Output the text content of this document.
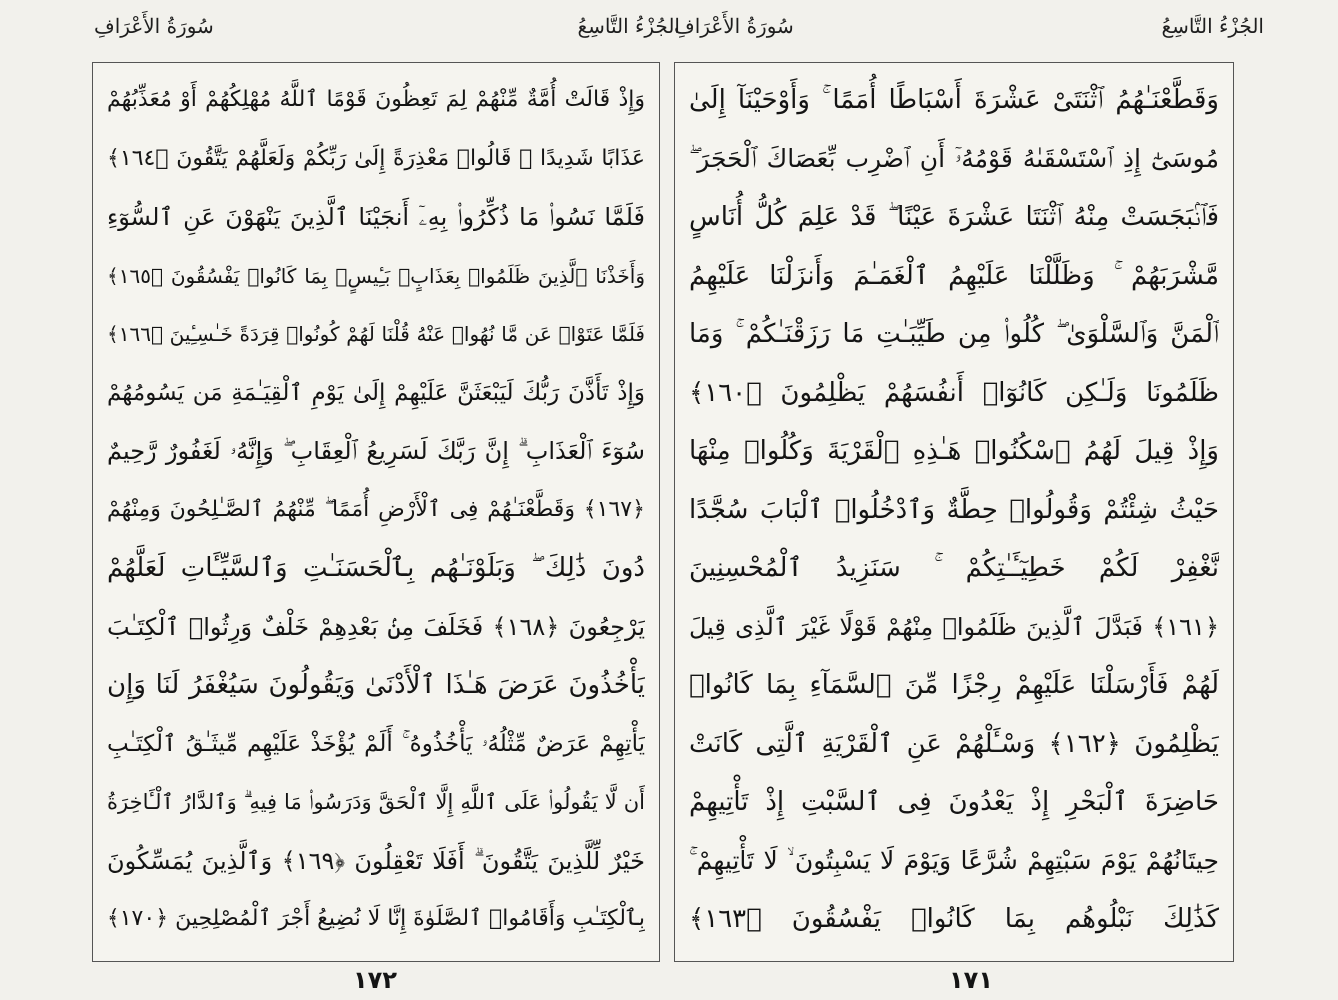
سُورَةُ الأَعْرَافِ	الجُزْءُ التَّاسِعُ
وَإِذْ قَالَتْ أُمَّةٌ مِّنْهُمْ لِمَ تَعِظُونَ قَوْمًا ٱللَّهُ مُهْلِكُهُمْ أَوْ مُعَذِّبُهُمْ
عَذَابًا شَدِيدًا ۖ قَالُوا۟ مَعْذِرَةً إِلَىٰ رَبِّكُمْ وَلَعَلَّهُمْ يَتَّقُونَ ﴿١٦٤﴾
فَلَمَّا نَسُوا۟ مَا ذُكِّرُوا۟ بِهِۦٓ أَنجَيْنَا ٱلَّذِينَ يَنْهَوْنَ عَنِ ٱلسُّوٓءِ
وَأَخَذْنَا ٱلَّذِينَ ظَلَمُوا۟ بِعَذَابٍۭ بَـِٔيسٍۭ بِمَا كَانُوا۟ يَفْسُقُونَ ﴿١٦٥﴾
فَلَمَّا عَتَوْا۟ عَن مَّا نُهُوا۟ عَنْهُ قُلْنَا لَهُمْ كُونُوا۟ قِرَدَةً خَـٰسِـِٔينَ ﴿١٦٦﴾
وَإِذْ تَأَذَّنَ رَبُّكَ لَيَبْعَثَنَّ عَلَيْهِمْ إِلَىٰ يَوْمِ ٱلْقِيَـٰمَةِ مَن يَسُومُهُمْ
سُوٓءَ ٱلْعَذَابِ ۗ إِنَّ رَبَّكَ لَسَرِيعُ ٱلْعِقَابِ ۖ وَإِنَّهُۥ لَغَفُورٌ رَّحِيمٌ
﴿١٦٧﴾ وَقَطَّعْنَـٰهُمْ فِى ٱلْأَرْضِ أُمَمًا ۖ مِّنْهُمُ ٱلصَّـٰلِحُونَ وَمِنْهُمْ
دُونَ ذَٰلِكَ ۖ وَبَلَوْنَـٰهُم بِٱلْحَسَنَـٰتِ وَٱلسَّيِّـَٔاتِ لَعَلَّهُمْ
يَرْجِعُونَ ﴿١٦٨﴾ فَخَلَفَ مِنۢ بَعْدِهِمْ خَلْفٌ وَرِثُوا۟ ٱلْكِتَـٰبَ
يَأْخُذُونَ عَرَضَ هَـٰذَا ٱلْأَدْنَىٰ وَيَقُولُونَ سَيُغْفَرُ لَنَا وَإِن
يَأْتِهِمْ عَرَضٌ مِّثْلُهُۥ يَأْخُذُوهُ ۚ أَلَمْ يُؤْخَذْ عَلَيْهِم مِّيثَـٰقُ ٱلْكِتَـٰبِ
أَن لَّا يَقُولُوا۟ عَلَى ٱللَّهِ إِلَّا ٱلْحَقَّ وَدَرَسُوا۟ مَا فِيهِ ۗ وَٱلدَّارُ ٱلْـَٔاخِرَةُ
خَيْرٌ لِّلَّذِينَ يَتَّقُونَ ۗ أَفَلَا تَعْقِلُونَ ﴿١٦٩﴾ وَٱلَّذِينَ يُمَسِّكُونَ
بِٱلْكِتَـٰبِ وَأَقَامُوا۟ ٱلصَّلَوٰةَ إِنَّا لَا نُضِيعُ أَجْرَ ٱلْمُصْلِحِينَ ﴿١٧٠﴾
١٧٢
سُورَةُ الأَعْرَافِ	الجُزْءُ التَّاسِعُ
وَقَطَّعْنَـٰهُمُ ٱثْنَتَىْ عَشْرَةَ أَسْبَاطًا أُمَمًا ۚ وَأَوْحَيْنَآ إِلَىٰ
مُوسَىٰٓ إِذِ ٱسْتَسْقَىٰهُ قَوْمُهُۥٓ أَنِ ٱضْرِب بِّعَصَاكَ ٱلْحَجَرَ ۖ
فَٱنۢبَجَسَتْ مِنْهُ ٱثْنَتَا عَشْرَةَ عَيْنًا ۖ قَدْ عَلِمَ كُلُّ أُنَاسٍ
مَّشْرَبَهُمْ ۚ وَظَلَّلْنَا عَلَيْهِمُ ٱلْغَمَـٰمَ وَأَنزَلْنَا عَلَيْهِمُ
ٱلْمَنَّ وَٱلسَّلْوَىٰ ۖ كُلُوا۟ مِن طَيِّبَـٰتِ مَا رَزَقْنَـٰكُمْ ۚ وَمَا
ظَلَمُونَا وَلَـٰكِن كَانُوٓا۟ أَنفُسَهُمْ يَظْلِمُونَ ﴿١٦٠﴾
وَإِذْ قِيلَ لَهُمُ ٱسْكُنُوا۟ هَـٰذِهِ ٱلْقَرْيَةَ وَكُلُوا۟ مِنْهَا
حَيْثُ شِئْتُمْ وَقُولُوا۟ حِطَّةٌ وَٱدْخُلُوا۟ ٱلْبَابَ سُجَّدًا
نَّغْفِرْ لَكُمْ خَطِيٓـَٔـٰتِكُمْ ۚ سَنَزِيدُ ٱلْمُحْسِنِينَ
﴿١٦١﴾ فَبَدَّلَ ٱلَّذِينَ ظَلَمُوا۟ مِنْهُمْ قَوْلًا غَيْرَ ٱلَّذِى قِيلَ
لَهُمْ فَأَرْسَلْنَا عَلَيْهِمْ رِجْزًا مِّنَ ٱلسَّمَآءِ بِمَا كَانُوا۟
يَظْلِمُونَ ﴿١٦٢﴾ وَسْـَٔلْهُمْ عَنِ ٱلْقَرْيَةِ ٱلَّتِى كَانَتْ
حَاضِرَةَ ٱلْبَحْرِ إِذْ يَعْدُونَ فِى ٱلسَّبْتِ إِذْ تَأْتِيهِمْ
حِيتَانُهُمْ يَوْمَ سَبْتِهِمْ شُرَّعًا وَيَوْمَ لَا يَسْبِتُونَ ۙ لَا تَأْتِيهِمْ ۚ
كَذَٰلِكَ نَبْلُوهُم بِمَا كَانُوا۟ يَفْسُقُونَ ﴿١٦٣﴾
١٧١
